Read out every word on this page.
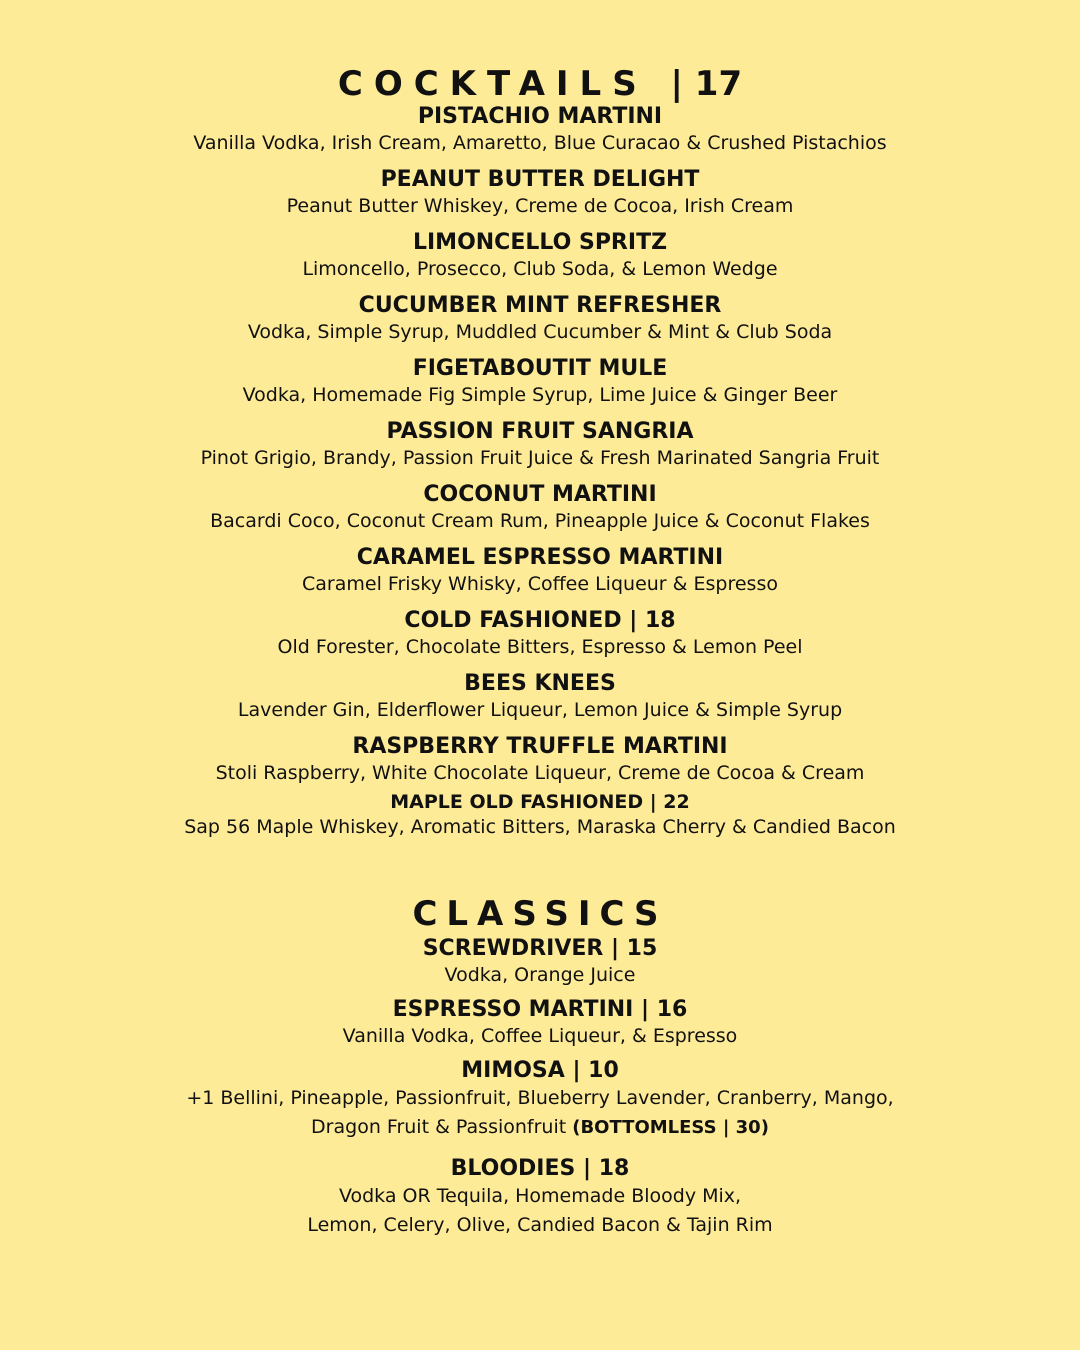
COCKTAILS | 17

PISTACHIO MARTINI

Vanilla Vodka, Irish Cream, Amaretto, Blue Curacao & Crushed Pistachios

PEANUT BUTTER DELIGHT

Peanut Butter Whiskey, Creme de Cocoa, Irish Cream

LIMONCELLO SPRITZ

Limoncello, Prosecco, Club Soda, & Lemon Wedge

CUCUMBER MINT REFRESHER

Vodka, Simple Syrup, Muddled Cucumber & Mint & Club Soda

FIGETABOUTIT MULE

Vodka, Homemade Fig Simple Syrup, Lime Juice & Ginger Beer

PASSION FRUIT SANGRIA

Pinot Grigio, Brandy, Passion Fruit Juice & Fresh Marinated Sangria Fruit

COCONUT MARTINI

Bacardi Coco, Coconut Cream Rum, Pineapple Juice & Coconut Flakes

CARAMEL ESPRESSO MARTINI

Caramel Frisky Whisky, Coffee Liqueur & Espresso

COLD FASHIONED | 18

Old Forester, Chocolate Bitters, Espresso & Lemon Peel

BEES KNEES

Lavender Gin, Elderflower Liqueur, Lemon Juice & Simple Syrup

RASPBERRY TRUFFLE MARTINI

Stoli Raspberry, White Chocolate Liqueur, Creme de Cocoa & Cream

MAPLE OLD FASHIONED | 22

Sap 56 Maple Whiskey, Aromatic Bitters, Maraska Cherry & Candied Bacon

CLASSICS

SCREWDRIVER | 15

Vodka, Orange Juice

ESPRESSO MARTINI | 16

Vanilla Vodka, Coffee Liqueur, & Espresso

MIMOSA | 10

+1 Bellini, Pineapple, Passionfruit, Blueberry Lavender, Cranberry, Mango,

Dragon Fruit & Passionfruit (BOTTOMLESS | 30)

BLOODIES | 18

Vodka OR Tequila, Homemade Bloody Mix,

Lemon, Celery, Olive, Candied Bacon & Tajin Rim
